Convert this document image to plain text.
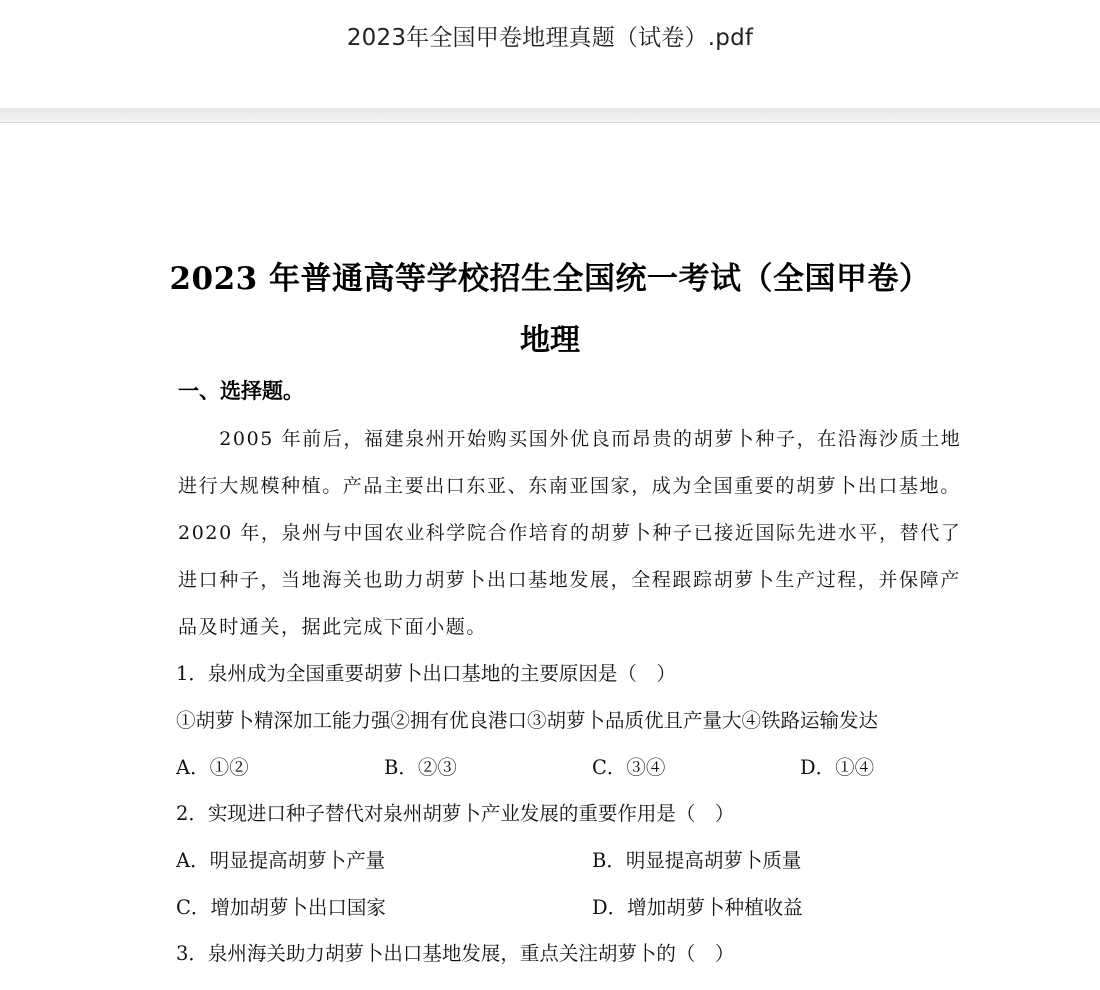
2023年全国甲卷地理真题（试卷）.pdf
2023 年普通高等学校招生全国统一考试（全国甲卷）
地理
一、选择题。
　　2005 年前后，福建泉州开始购买国外优良而昂贵的胡萝卜种子，在沿海沙质土地
进行大规模种植。产品主要出口东亚、东南亚国家，成为全国重要的胡萝卜出口基地。
2020 年，泉州与中国农业科学院合作培育的胡萝卜种子已接近国际先进水平，替代了
进口种子，当地海关也助力胡萝卜出口基地发展，全程跟踪胡萝卜生产过程，并保障产
品及时通关，据此完成下面小题。
1．泉州成为全国重要胡萝卜出口基地的主要原因是（　）
①胡萝卜精深加工能力强②拥有优良港口③胡萝卜品质优且产量大④铁路运输发达
A．①②	B．②③	C．③④	D．①④
2．实现进口种子替代对泉州胡萝卜产业发展的重要作用是（　）
A．明显提高胡萝卜产量	B．明显提高胡萝卜质量
C．增加胡萝卜出口国家	D．增加胡萝卜种植收益
3．泉州海关助力胡萝卜出口基地发展，重点关注胡萝卜的（　）
